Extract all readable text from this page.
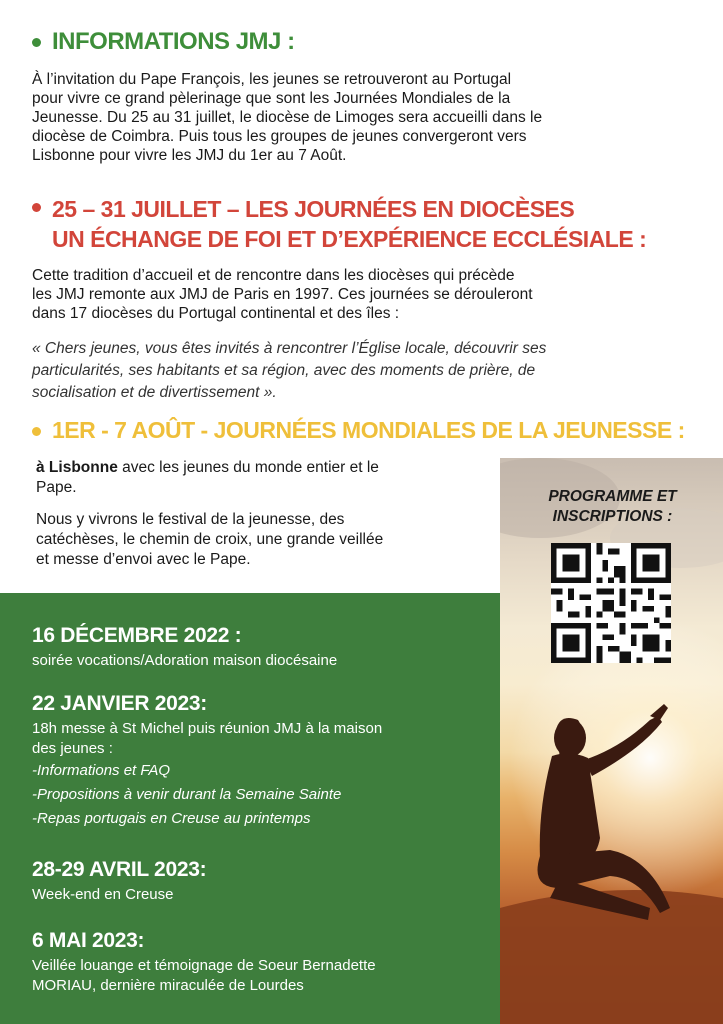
INFORMATIONS JMJ :
À l’invitation du Pape François, les jeunes se retrouveront au Portugal
pour vivre ce grand pèlerinage que sont les Journées Mondiales de la
Jeunesse. Du 25 au 31 juillet, le diocèse de Limoges sera accueilli dans le
diocèse de Coimbra. Puis tous les groupes de jeunes convergeront vers
Lisbonne pour vivre les JMJ du 1er au 7 Août.
25 – 31 JUILLET – LES JOURNÉES EN DIOCÈSES
UN ÉCHANGE DE FOI ET D’EXPÉRIENCE ECCLÉSIALE :
Cette tradition d’accueil et de rencontre dans les diocèses qui précède
les JMJ remonte aux JMJ de Paris en 1997. Ces journées se dérouleront
dans 17 diocèses du Portugal continental et des îles :
« Chers jeunes, vous êtes invités à rencontrer l’Église locale, découvrir ses
particularités, ses habitants et sa région, avec des moments de prière, de
socialisation et de divertissement ».
1ER - 7 AOÛT - JOURNÉES MONDIALES DE LA JEUNESSE :
à Lisbonne avec les jeunes du monde entier et le
Pape.
Nous y vivrons le festival de la jeunesse, des
catéchèses, le chemin de croix, une grande veillée
et messe d’envoi avec le Pape.
PROGRAMME ET
INSCRIPTIONS :

16 DÉCEMBRE 2022 :

soirée vocations/Adoration maison diocésaine

22 JANVIER 2023:

18h messe à St Michel puis réunion JMJ à la maison

des jeunes :

-Informations et FAQ

-Propositions à venir durant la Semaine Sainte

-Repas portugais en Creuse au printemps

28-29 AVRIL 2023:

Week-end en Creuse

6 MAI 2023:

Veillée louange et témoignage de Soeur Bernadette

MORIAU, dernière miraculée de Lourdes
